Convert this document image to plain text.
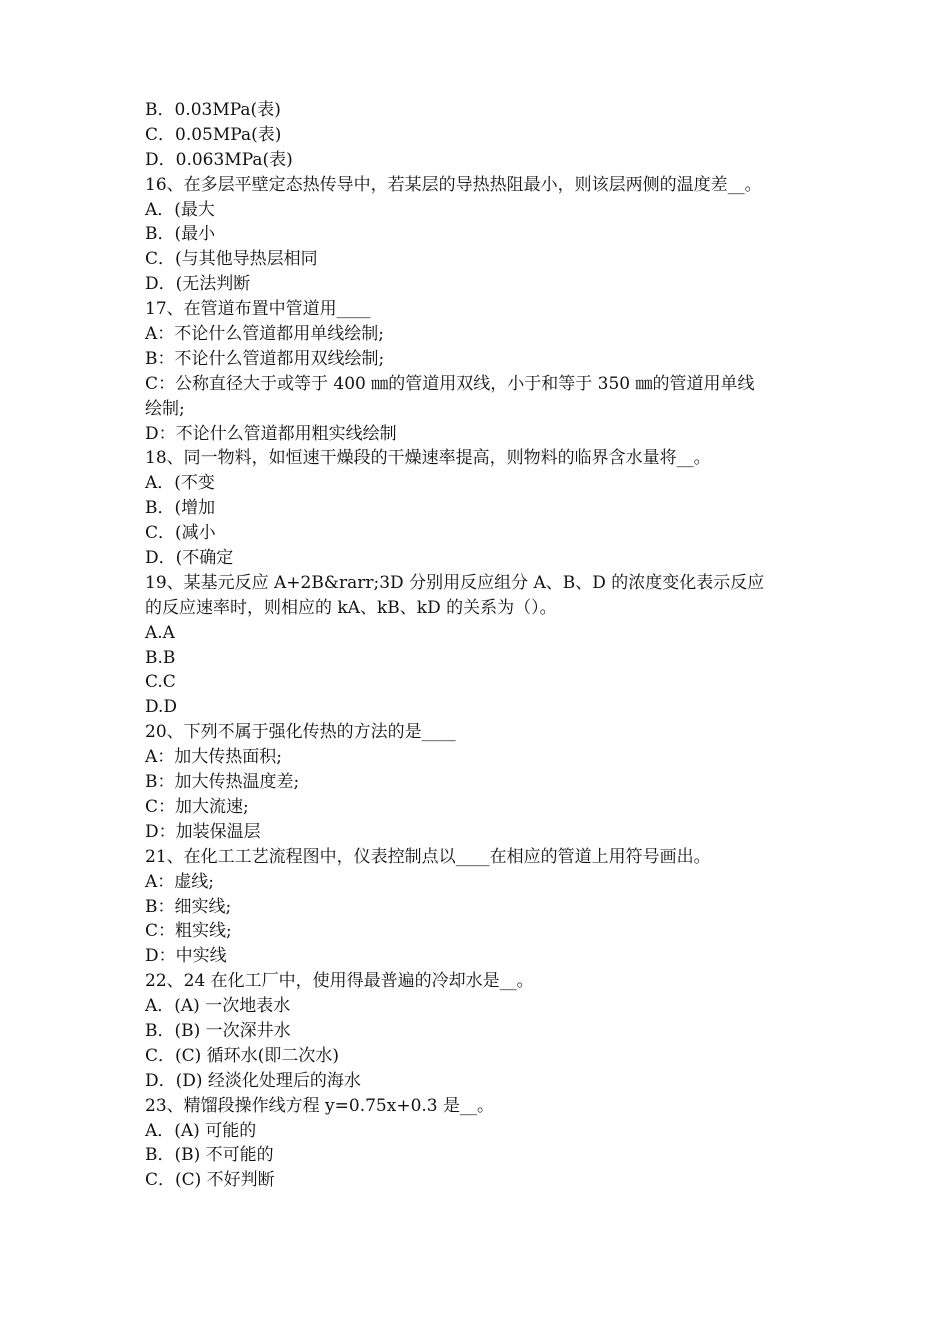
B．0.03MPa(表)
C．0.05MPa(表)
D．0.063MPa(表)
16、在多层平壁定态热传导中，若某层的导热热阻最小，则该层两侧的温度差__。
A．(最大
B．(最小
C．(与其他导热层相同
D．(无法判断
17、在管道布置中管道用____
A：不论什么管道都用单线绘制;
B：不论什么管道都用双线绘制;
C：公称直径大于或等于 400 ㎜的管道用双线，小于和等于 350 ㎜的管道用单线
绘制;
D：不论什么管道都用粗实线绘制
18、同一物料，如恒速干燥段的干燥速率提高，则物料的临界含水量将__。
A．(不变
B．(增加
C．(减小
D．(不确定
19、某基元反应 A+2B&rarr;3D 分别用反应组分 A、B、D 的浓度变化表示反应
的反应速率时，则相应的 kA、kB、kD 的关系为（）。
A.A
B.B
C.C
D.D
20、下列不属于强化传热的方法的是____
A：加大传热面积;
B：加大传热温度差;
C：加大流速;
D：加装保温层
21、在化工工艺流程图中，仪表控制点以____在相应的管道上用符号画出。
A：虚线;
B：细实线;
C：粗实线;
D：中实线
22、24 在化工厂中，使用得最普遍的冷却水是__。
A．(A) 一次地表水
B．(B) 一次深井水
C．(C) 循环水(即二次水)
D．(D) 经淡化处理后的海水
23、精馏段操作线方程 y=0.75x+0.3 是__。
A．(A) 可能的
B．(B) 不可能的
C．(C) 不好判断
